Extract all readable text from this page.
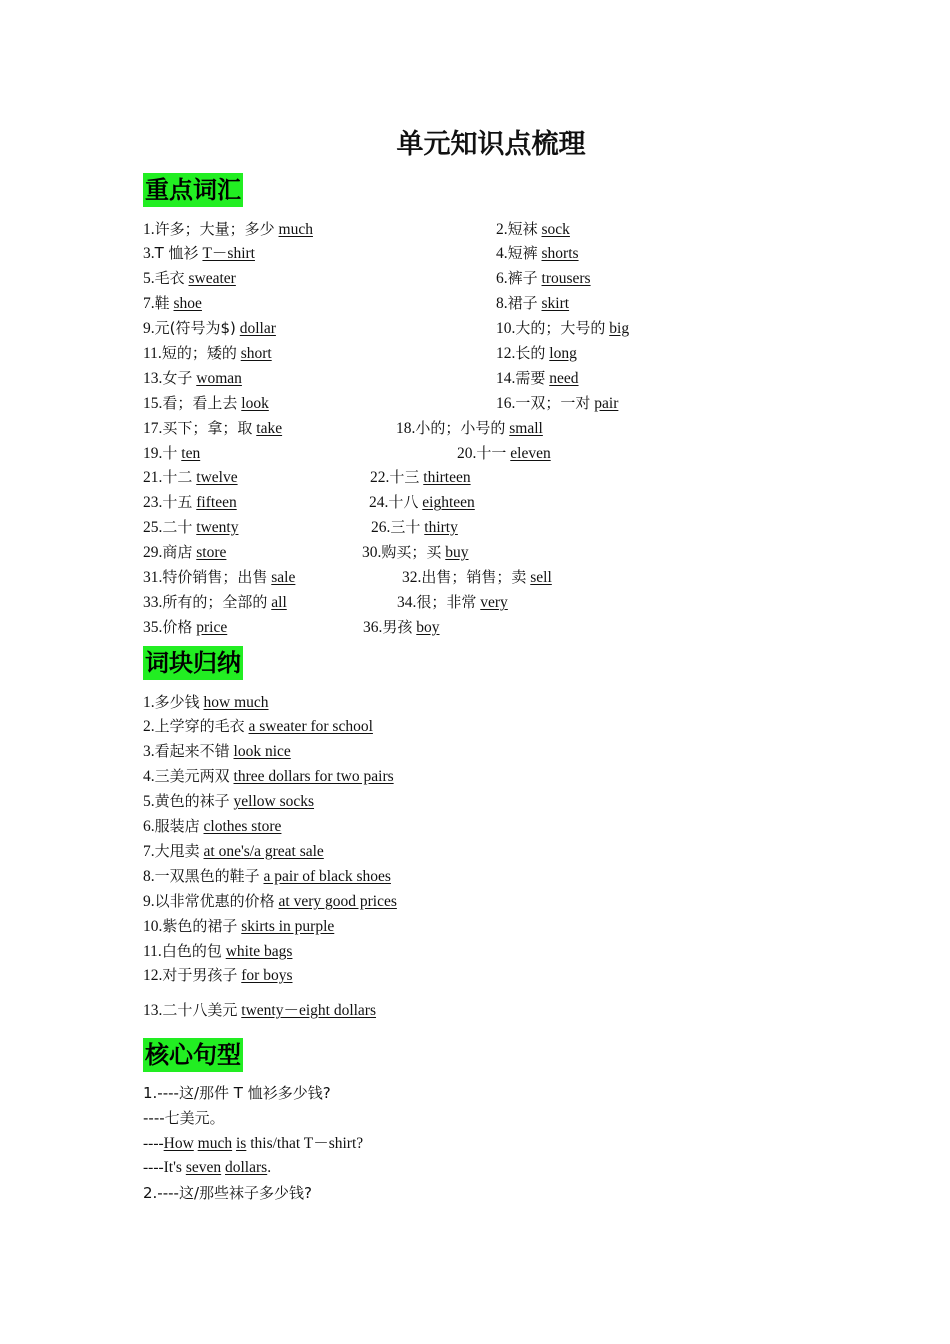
单元知识点梳理
重点词汇
1.许多；大量；多少 much	2.短袜 sock
3.T 恤衫 T－shirt	4.短裤 shorts
5.毛衣 sweater	6.裤子 trousers
7.鞋 shoe	8.裙子 skirt
9.元(符号为$) dollar	10.大的；大号的 big
11.短的；矮的 short	12.长的 long
13.女子 woman	14.需要 need
15.看；看上去 look	16.一双；一对 pair
17.买下；拿；取 take	18.小的；小号的 small
19.十 ten	20.十一 eleven
21.十二 twelve	22.十三 thirteen
23.十五 fifteen	24.十八 eighteen
25.二十 twenty	26.三十 thirty
29.商店 store	30.购买；买 buy
31.特价销售；出售 sale	32.出售；销售；卖 sell
33.所有的；全部的 all	34.很；非常 very
35.价格 price	36.男孩 boy
词块归纳
1.多少钱 how much
2.上学穿的毛衣 a sweater for school
3.看起来不错 look nice
4.三美元两双 three dollars for two pairs
5.黄色的袜子 yellow socks
6.服装店 clothes store
7.大甩卖 at one's/a great sale
8.一双黑色的鞋子 a pair of black shoes
9.以非常优惠的价格 at very good prices
10.紫色的裙子 skirts in purple
11.白色的包 white bags
12.对于男孩子 for boys
13.二十八美元 twenty－eight dollars
核心句型
1.----这/那件 T 恤衫多少钱?
----七美元。
----How much is this/that T－shirt?
----It's seven dollars.
2.----这/那些袜子多少钱?
